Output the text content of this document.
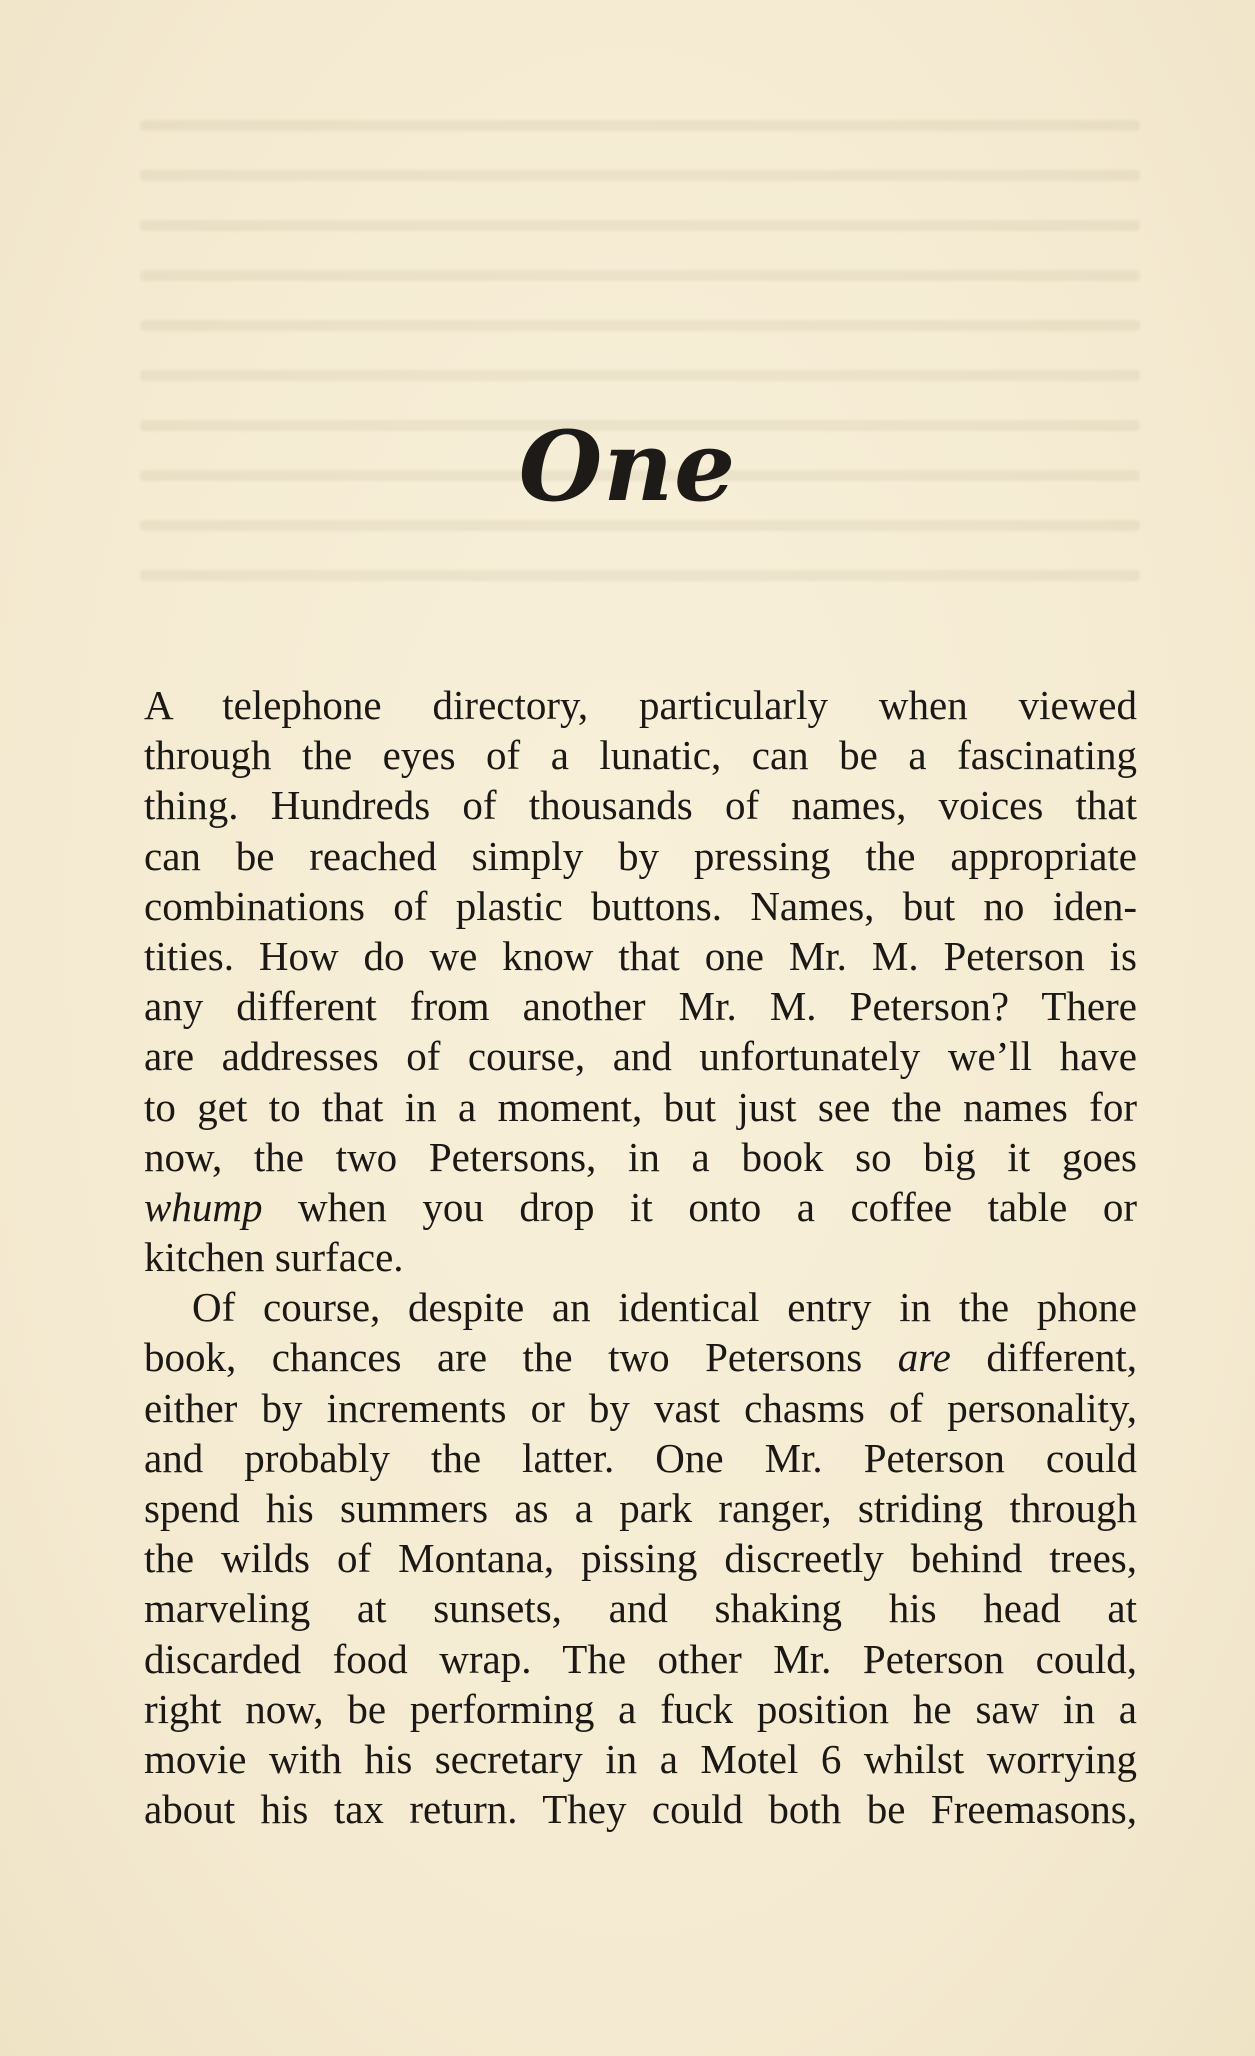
One
A telephone directory, particularly when viewed
through the eyes of a lunatic, can be a fascinating
thing. Hundreds of thousands of names, voices that
can be reached simply by pressing the appropriate
combinations of plastic buttons. Names, but no iden-
tities. How do we know that one Mr. M. Peterson is
any different from another Mr. M. Peterson? There
are addresses of course, and unfortunately we’ll have
to get to that in a moment, but just see the names for
now, the two Petersons, in a book so big it goes
whump when you drop it onto a coffee table or
kitchen surface.
Of course, despite an identical entry in the phone
book, chances are the two Petersons are different,
either by increments or by vast chasms of personality,
and probably the latter. One Mr. Peterson could
spend his summers as a park ranger, striding through
the wilds of Montana, pissing discreetly behind trees,
marveling at sunsets, and shaking his head at
discarded food wrap. The other Mr. Peterson could,
right now, be performing a fuck position he saw in a
movie with his secretary in a Motel 6 whilst worrying
about his tax return. They could both be Freemasons,
